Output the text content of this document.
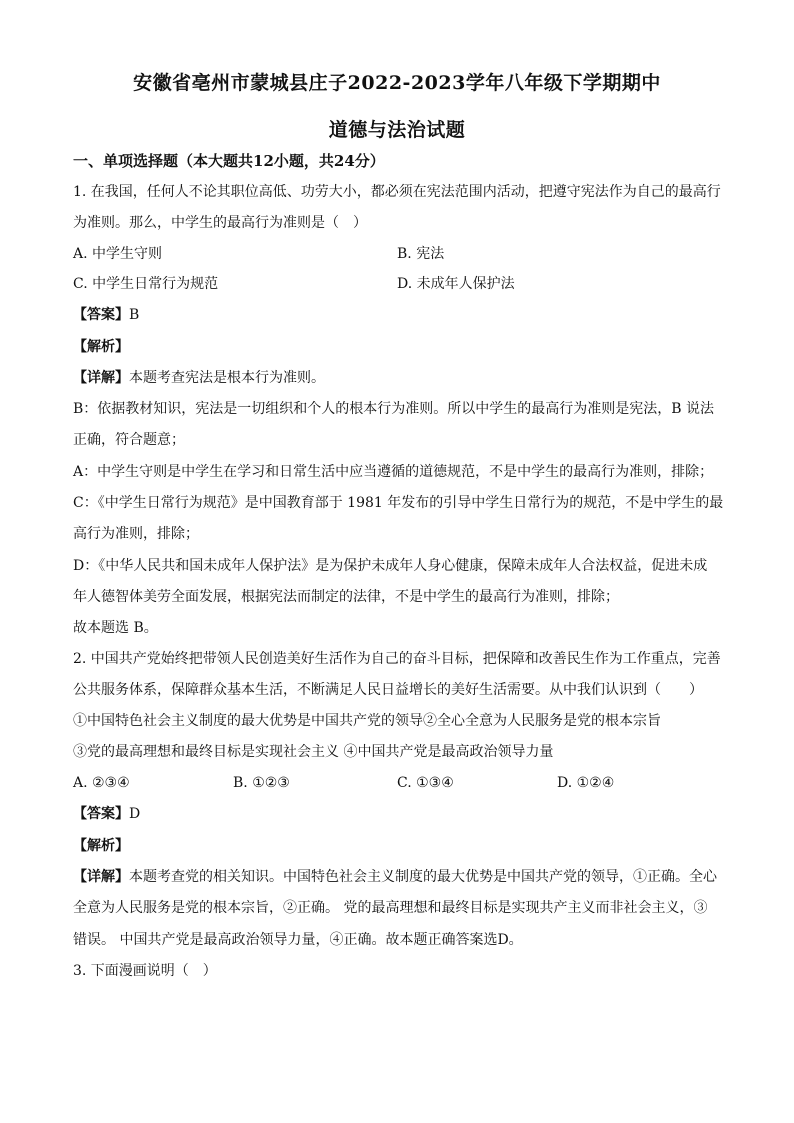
安徽省亳州市蒙城县庄子2022-2023学年八年级下学期期中
道德与法治试题
一、单项选择题（本大题共12小题，共24分）
1. 在我国，任何人不论其职位高低、功劳大小，都必须在宪法范围内活动，把遵守宪法作为自己的最高行
为准则。那么，中学生的最高行为准则是（　）
A. 中学生守则	B. 宪法
C. 中学生日常行为规范	D. 未成年人保护法
【答案】B
【解析】
【详解】本题考查宪法是根本行为准则。
B：依据教材知识，宪法是一切组织和个人的根本行为准则。所以中学生的最高行为准则是宪法，B 说法
正确，符合题意；
A：中学生守则是中学生在学习和日常生活中应当遵循的道德规范，不是中学生的最高行为准则，排除；
C：《中学生日常行为规范》是中国教育部于 1981 年发布的引导中学生日常行为的规范，不是中学生的最
高行为准则，排除；
D：《中华人民共和国未成年人保护法》是为保护未成年人身心健康，保障未成年人合法权益，促进未成
年人德智体美劳全面发展，根据宪法而制定的法律，不是中学生的最高行为准则，排除；
故本题选 B。
2. 中国共产党始终把带领人民创造美好生活作为自己的奋斗目标，把保障和改善民生作为工作重点，完善
公共服务体系，保障群众基本生活，不断满足人民日益增长的美好生活需要。从中我们认识到（　　）
①中国特色社会主义制度的最大优势是中国共产党的领导②全心全意为人民服务是党的根本宗旨
③党的最高理想和最终目标是实现社会主义 ④中国共产党是最高政治领导力量
A. ②③④	B. ①②③	C. ①③④	D. ①②④
【答案】D
【解析】
【详解】本题考查党的相关知识。中国特色社会主义制度的最大优势是中国共产党的领导，①正确。全心
全意为人民服务是党的根本宗旨，②正确。 党的最高理想和最终目标是实现共产主义而非社会主义，③
错误。 中国共产党是最高政治领导力量，④正确。故本题正确答案选D。
3. 下面漫画说明（　）
